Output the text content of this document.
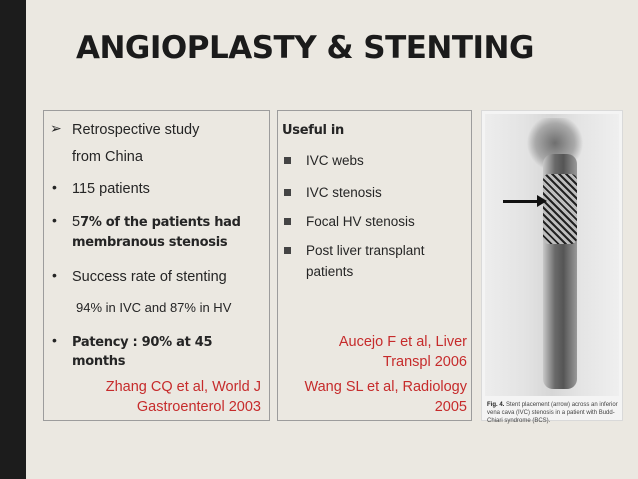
ANGIOPLASTY & STENTING
➢ Retrospective study
from China
• 115 patients
• 57% of the patients had
membranous stenosis
• Success rate of stenting
94% in IVC and 87% in HV
• Patency : 90% at 45
months
Zhang CQ et al, World J
Gastroenterol 2003
Useful in
IVC webs
IVC stenosis
Focal HV stenosis
Post liver transplant
patients
Aucejo F et al, Liver
Transpl 2006
Wang SL et al, Radiology
2005	Fig. 4. Stent placement (arrow) across an inferior vena cava (IVC) stenosis in a patient with Budd-Chiari syndrome (BCS).
